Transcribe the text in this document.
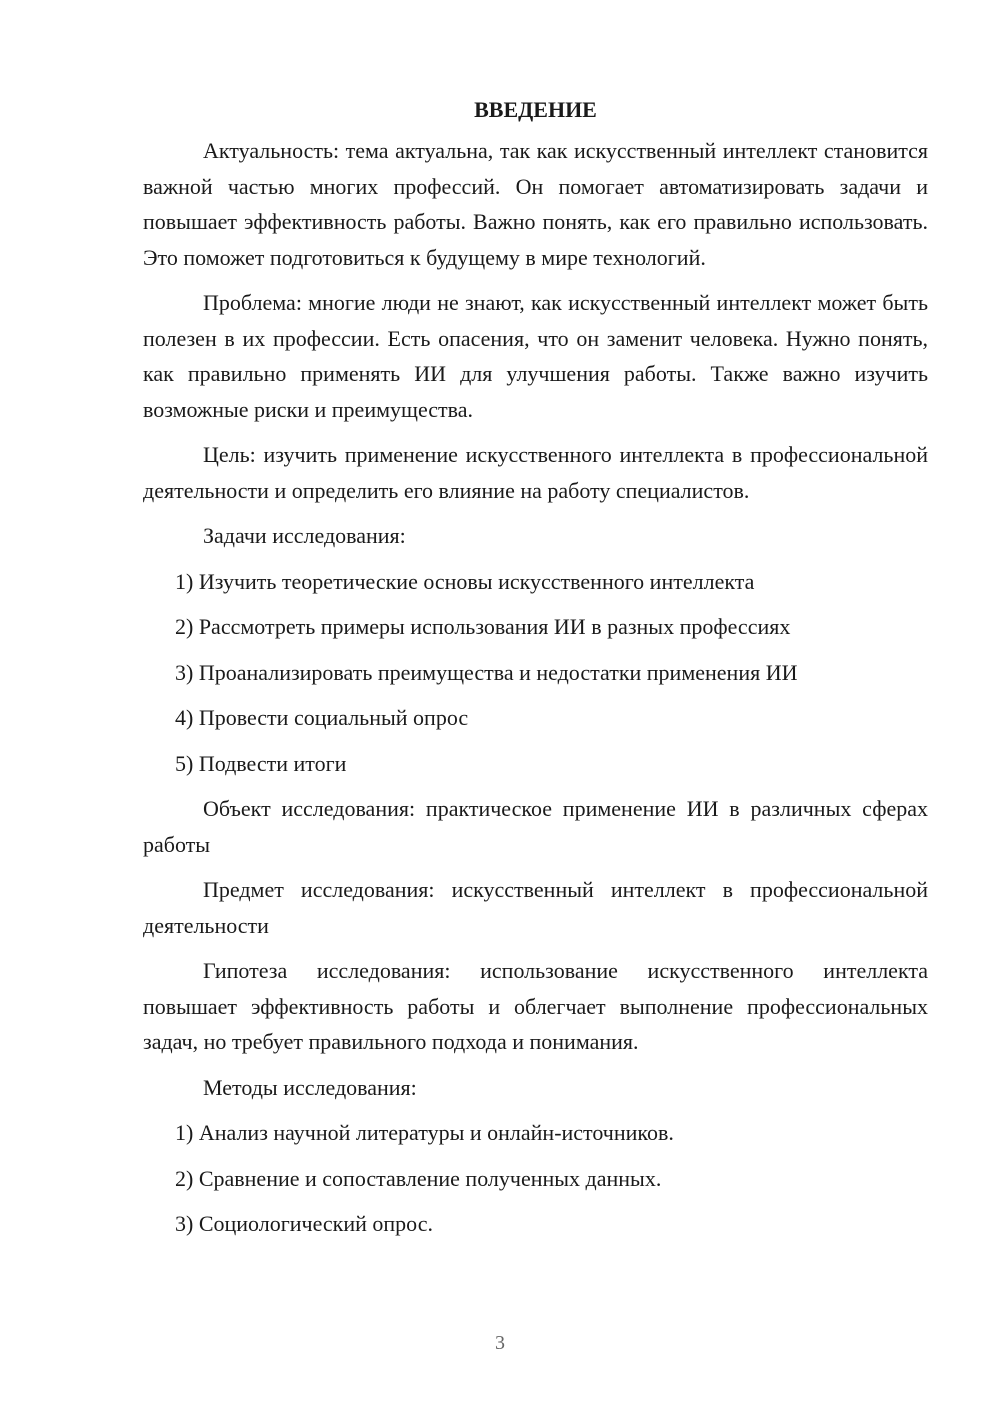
ВВЕДЕНИЕ

Актуальность: тема актуальна, так как искусственный интеллект становится важной частью многих профессий. Он помогает автоматизировать задачи и повышает эффективность работы. Важно понять, как его правильно использовать. Это поможет подготовиться к будущему в мире технологий.

Проблема: многие люди не знают, как искусственный интеллект может быть полезен в их профессии. Есть опасения, что он заменит человека. Нужно понять, как правильно применять ИИ для улучшения работы. Также важно изучить возможные риски и преимущества.

Цель: изучить применение искусственного интеллекта в профессиональной деятельности и определить его влияние на работу специалистов.

Задачи исследования:

1) Изучить теоретические основы искусственного интеллекта

2) Рассмотреть примеры использования ИИ в разных профессиях

3) Проанализировать преимущества и недостатки применения ИИ

4) Провести социальный опрос

5) Подвести итоги

Объект исследования: практическое применение ИИ в различных сферах работы

Предмет исследования: искусственный интеллект в профессиональной деятельности

Гипотеза исследования: использование искусственного интеллекта повышает эффективность работы и облегчает выполнение профессиональных задач, но требует правильного подхода и понимания.

Методы исследования:

1) Анализ научной литературы и онлайн-источников.

2) Сравнение и сопоставление полученных данных.

3) Социологический опрос.

3
